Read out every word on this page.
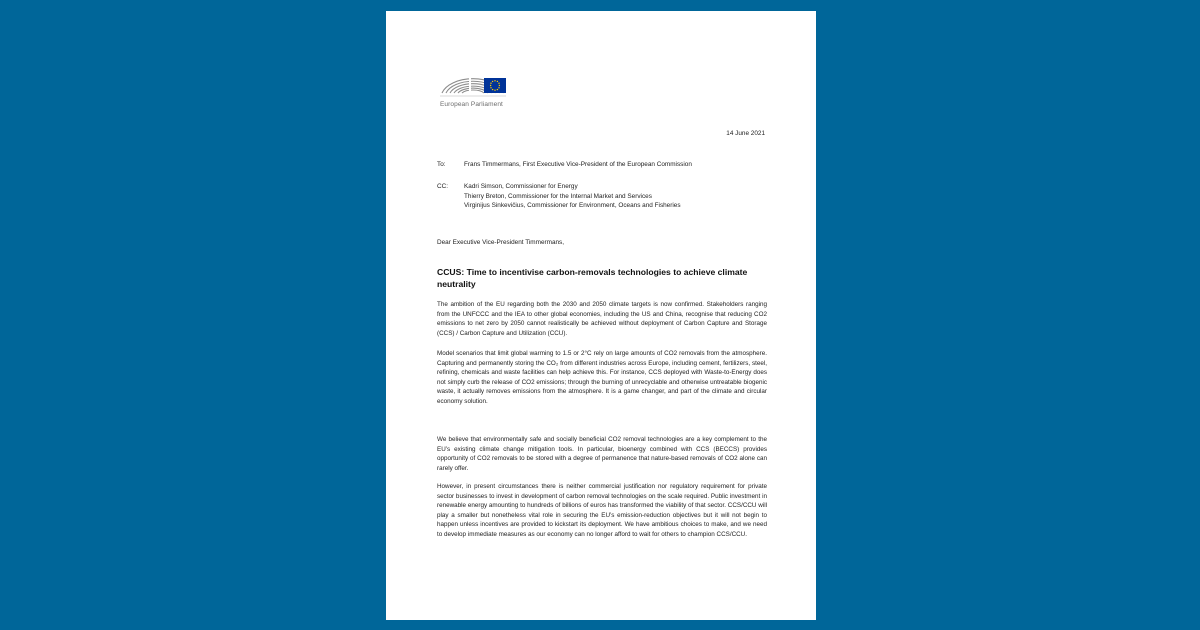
European Parliament
14 June 2021
To:	Frans Timmermans, First Executive Vice-President of the European Commission
CC: Kadri Simson, Commissioner for Energy
Thierry Breton, Commissioner for the Internal Market and Services
Virginijus Sinkevičius, Commissioner for Environment, Oceans and Fisheries
Dear Executive Vice-President Timmermans,
CCUS: Time to incentivise carbon-removals technologies to achieve climate neutrality

The ambition of the EU regarding both the 2030 and 2050 climate targets is now confirmed. Stakeholders ranging from the UNFCCC and the IEA to other global economies, including the US and China, recognise that reducing CO2 emissions to net zero by 2050 cannot realistically be achieved without deployment of Carbon Capture and Storage (CCS) / Carbon Capture and Utilization (CCU).

Model scenarios that limit global warming to 1.5 or 2°C rely on large amounts of CO2 removals from the atmosphere. Capturing and permanently storing the CO₂ from different industries across Europe, including cement, fertilizers, steel, refining, chemicals and waste facilities can help achieve this. For instance, CCS deployed with Waste-to-Energy does not simply curb the release of CO2 emissions; through the burning of unrecyclable and otherwise untreatable biogenic waste, it actually removes emissions from the atmosphere. It is a game changer, and part of the climate and circular economy solution.

We believe that environmentally safe and socially beneficial CO2 removal technologies are a key complement to the EU’s existing climate change mitigation tools. In particular, bioenergy combined with CCS (BECCS) provides opportunity of CO2 removals to be stored with a degree of permanence that nature-based removals of CO2 alone can rarely offer.

However, in present circumstances there is neither commercial justification nor regulatory requirement for private sector businesses to invest in development of carbon removal technologies on the scale required. Public investment in renewable energy amounting to hundreds of billions of euros has transformed the viability of that sector. CCS/CCU will play a smaller but nonetheless vital role in securing the EU’s emission-reduction objectives but it will not begin to happen unless incentives are provided to kickstart its deployment. We have ambitious choices to make, and we need to develop immediate measures as our economy can no longer afford to wait for others to champion CCS/CCU.
